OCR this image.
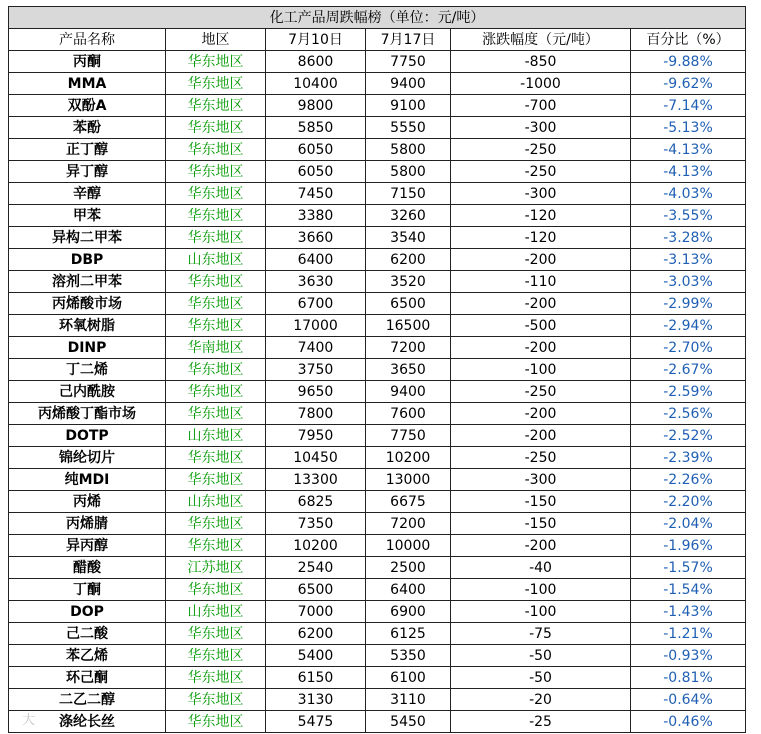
化工产品周跌幅榜（单位：元/吨）					
产品名称	地区	7月10日	7月17日	涨跌幅度（元/吨）	百分比（%）
丙酮	华东地区	8600	7750	-850	-9.88%
MMA	华东地区	10400	9400	-1000	-9.62%
双酚A	华东地区	9800	9100	-700	-7.14%
苯酚	华东地区	5850	5550	-300	-5.13%
正丁醇	华东地区	6050	5800	-250	-4.13%
异丁醇	华东地区	6050	5800	-250	-4.13%
辛醇	华东地区	7450	7150	-300	-4.03%
甲苯	华东地区	3380	3260	-120	-3.55%
异构二甲苯	华东地区	3660	3540	-120	-3.28%
DBP	山东地区	6400	6200	-200	-3.13%
溶剂二甲苯	华东地区	3630	3520	-110	-3.03%
丙烯酸市场	华东地区	6700	6500	-200	-2.99%
环氧树脂	华东地区	17000	16500	-500	-2.94%
DINP	华南地区	7400	7200	-200	-2.70%
丁二烯	华东地区	3750	3650	-100	-2.67%
己内酰胺	华东地区	9650	9400	-250	-2.59%
丙烯酸丁酯市场	华东地区	7800	7600	-200	-2.56%
DOTP	山东地区	7950	7750	-200	-2.52%
锦纶切片	华东地区	10450	10200	-250	-2.39%
纯MDI	华东地区	13300	13000	-300	-2.26%
丙烯	山东地区	6825	6675	-150	-2.20%
丙烯腈	华东地区	7350	7200	-150	-2.04%
异丙醇	华东地区	10200	10000	-200	-1.96%
醋酸	江苏地区	2540	2500	-40	-1.57%
丁酮	华东地区	6500	6400	-100	-1.54%
DOP	山东地区	7000	6900	-100	-1.43%
己二酸	华东地区	6200	6125	-75	-1.21%
苯乙烯	华东地区	5400	5350	-50	-0.93%
环己酮	华东地区	6150	6100	-50	-0.81%
二乙二醇	华东地区	3130	3110	-20	-0.64%
涤纶长丝	华东地区	5475	5450	-25	-0.46%
大
